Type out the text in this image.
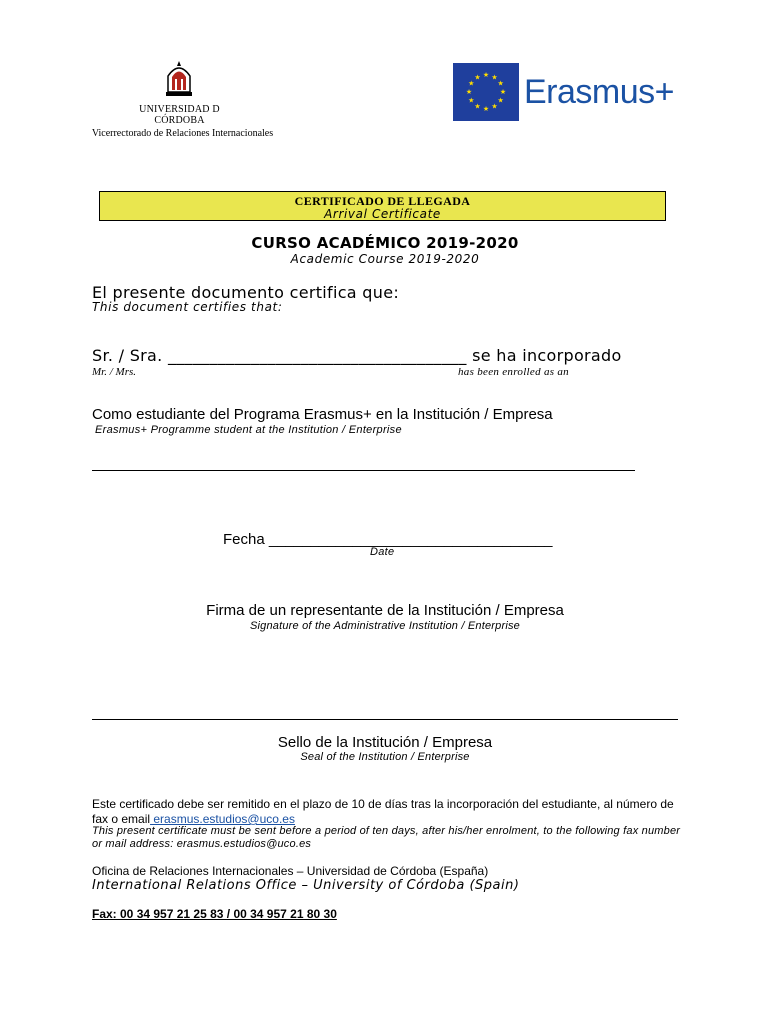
UNIVERSIDAD D CÓRDOBA
Vicerrectorado de Relaciones Internacionales
★ ★
★
★
★
★
★
★
★
★
★
★ Erasmus+
CERTIFICADO DE LLEGADA
Arrival Certificate
CURSO ACADÉMICO 2019-2020
Academic Course 2019-2020
El presente documento certifica que:
This document certifies that:
Sr. / Sra. ____________________________________ se ha incorporado
Mr. / Mrs.	has been enrolled as an
Como estudiante del Programa Erasmus+ en la Institución / Empresa
Erasmus+ Programme student at the Institution / Enterprise
Fecha __________________________________
Date
Firma de un representante de la Institución / Empresa
Signature of the Administrative Institution / Enterprise
Sello de la Institución / Empresa
Seal of the Institution / Enterprise
Este certificado debe ser remitido en el plazo de 10 de días tras la incorporación del estudiante, al número de fax o email erasmus.estudios@uco.es
This present certificate must be sent before a period of ten days, after his/her enrolment, to the following fax number or mail address: erasmus.estudios@uco.es
Oficina de Relaciones Internacionales – Universidad de Córdoba (España)
International Relations Office – University of Córdoba (Spain)
Fax: 00 34 957 21 25 83 / 00 34 957 21 80 30
